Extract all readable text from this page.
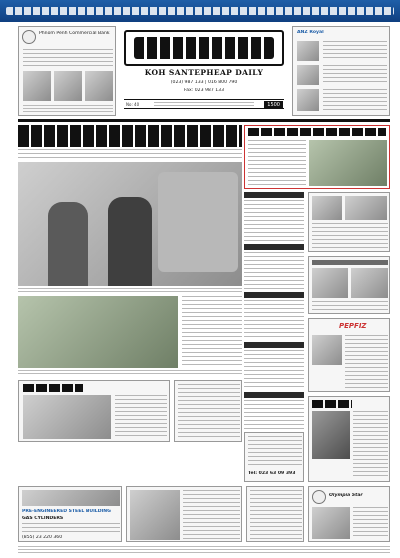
Phnom Penh Commercial Bank
KOH SANTEPHEAP DAILY
(023) 987 133 | 016 800 790
Fax: 023 987 133
No: 40	1500
ANZ Royal
PEPFIZ
Tel: 023 63 09 393
PRE-ENGINEERED STEEL BUILDING
GAS CYLINDERS
(855) 23 220 360
Olympia Star
